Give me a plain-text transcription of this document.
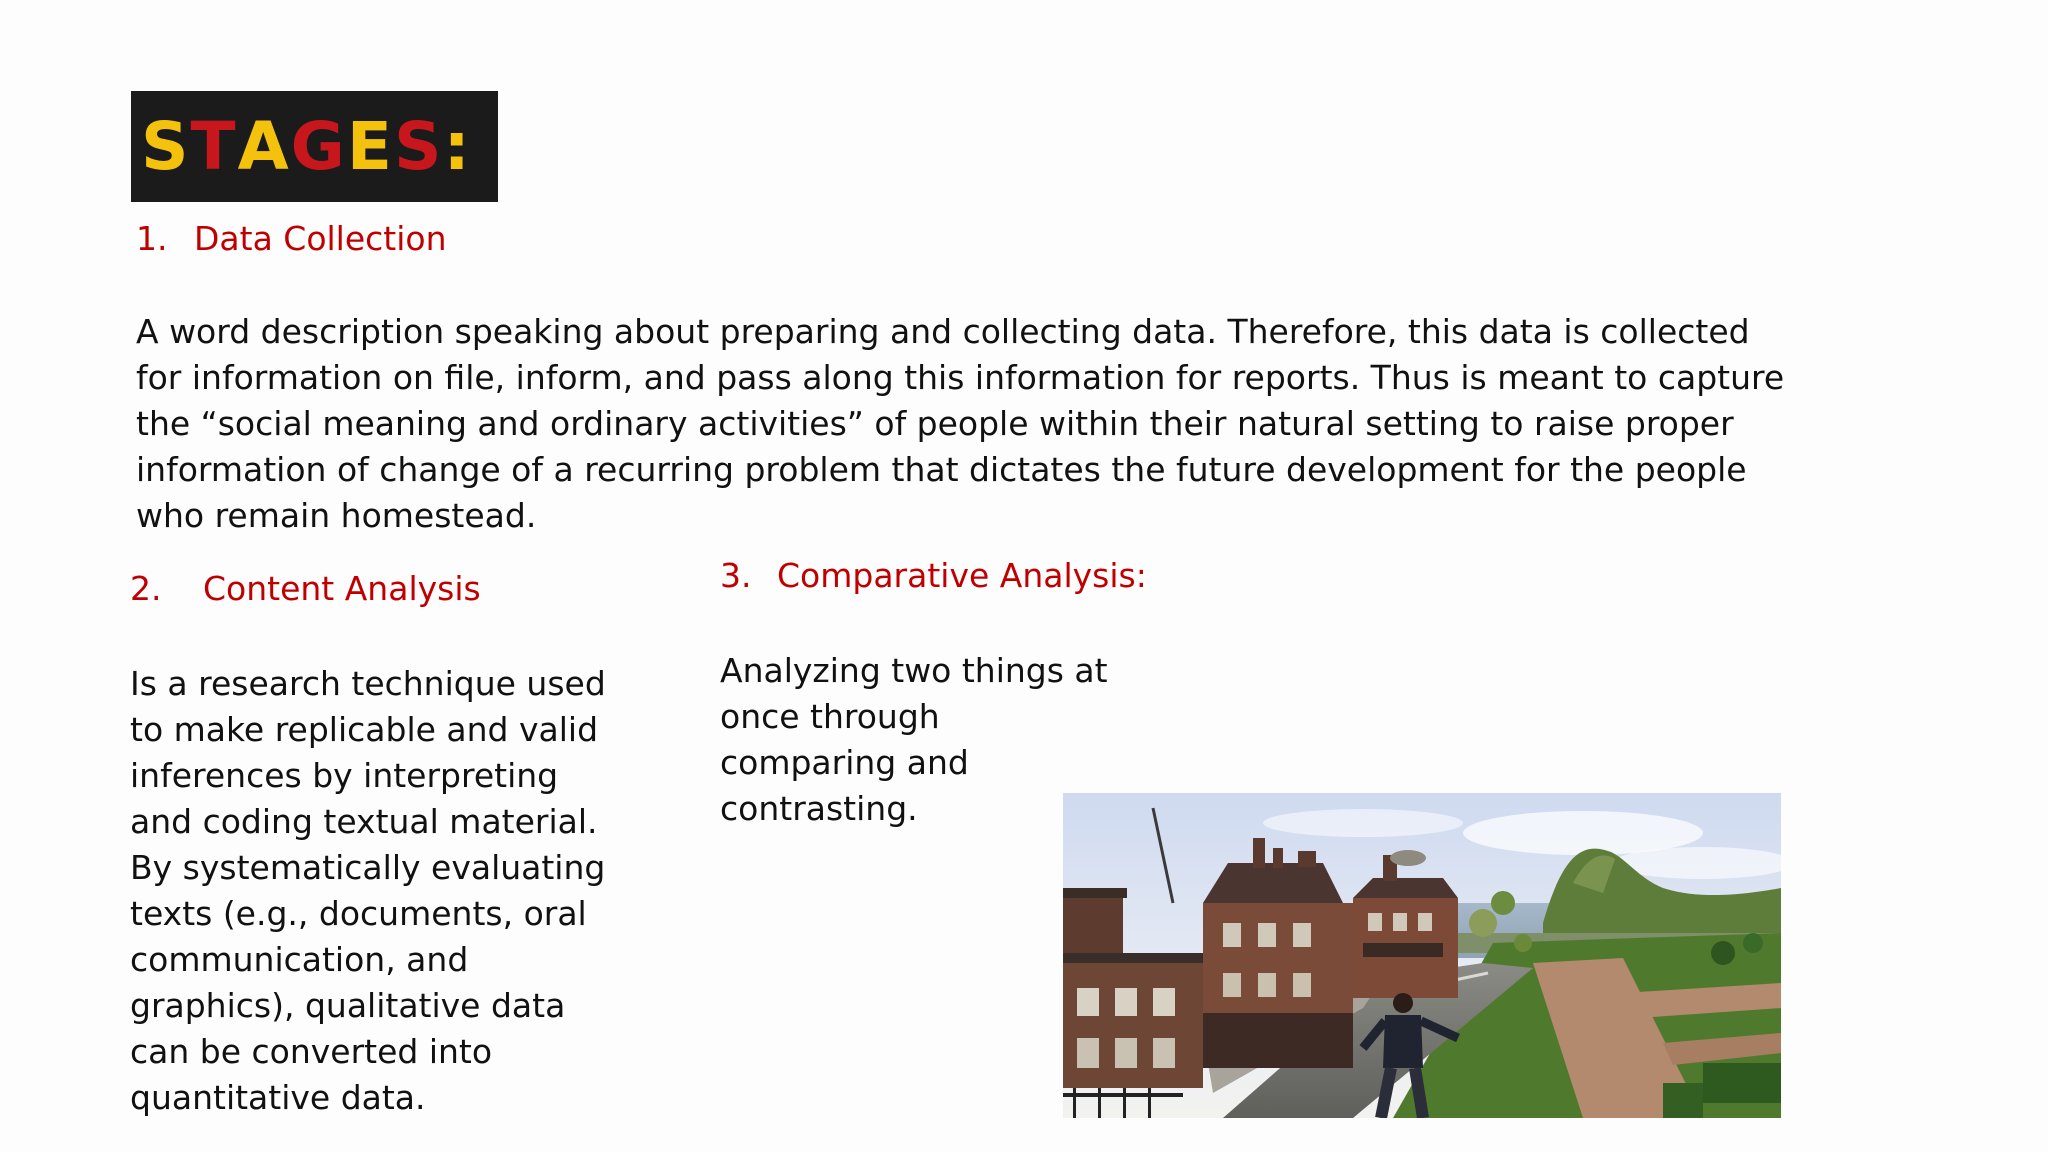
STAGES:
1. Data Collection
A word description speaking about preparing and collecting data. Therefore, this data is collected for information on file, inform, and pass along this information for reports. Thus is meant to capture the “social meaning and ordinary activities” of people within their natural setting to raise proper information of change of a recurring problem that dictates the future development for the people who remain homestead.
2. Content Analysis
Is a research technique used to make replicable and valid inferences by interpreting and coding textual material. By systematically evaluating texts (e.g., documents, oral communication, and graphics), qualitative data can be converted into quantitative data.
3. Comparative Analysis:
Analyzing two things at once through comparing and contrasting.
